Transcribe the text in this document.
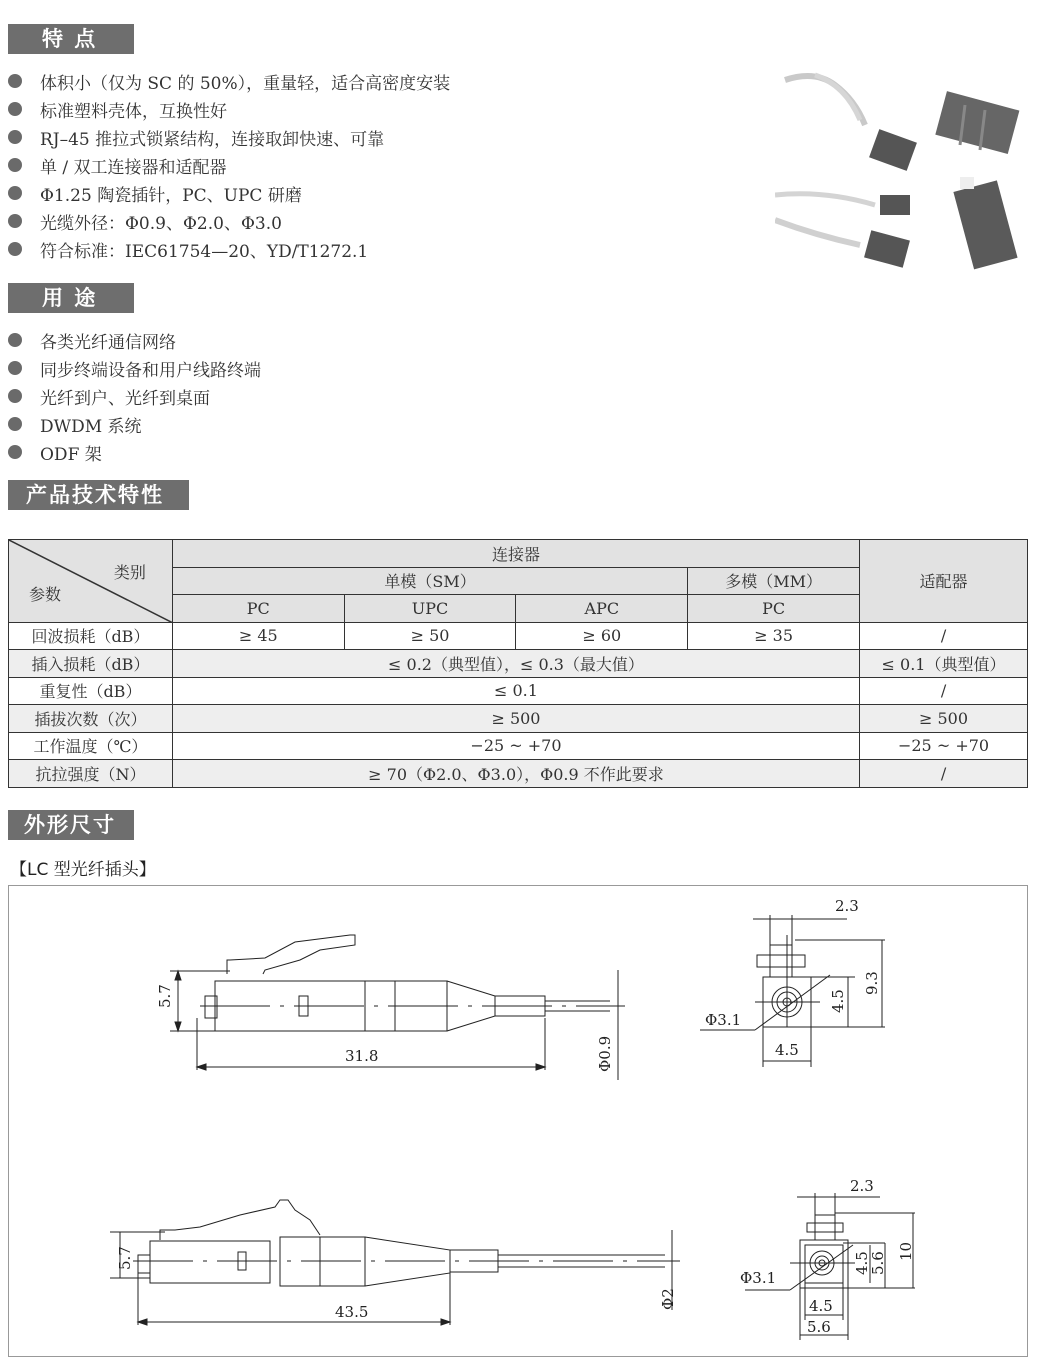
特 点
体积小（仅为 SC 的 50%），重量轻，适合高密度安装
标准塑料壳体，互换性好
RJ–45 推拉式锁紧结构，连接取卸快速、可靠
单 / 双工连接器和适配器
Φ1.25 陶瓷插针，PC、UPC 研磨
光缆外径：Φ0.9、Φ2.0、Φ3.0
符合标准：IEC61754—20、YD/T1272.1
用 途
各类光纤通信网络
同步终端设备和用户线路终端
光纤到户、光纤到桌面
DWDM 系统
ODF 架
产品技术特性
类别
参数	连接器				适配器
	单模（SM）			多模（MM）	
	PC	UPC	APC	PC	
回波损耗（dB）	≥ 45	≥ 50	≥ 60	≥ 35	/
插入损耗（dB）	≤ 0.2（典型值），≤ 0.3（最大值）				≤ 0.1（典型值）
重复性（dB）	≤ 0.1				/
插拔次数（次）	≥ 500				≥ 500
工作温度（℃）	−25 ~ +70				−25 ~ +70
抗拉强度（N）	≥ 70（Φ2.0、Φ3.0），Φ0.9 不作此要求				/
外形尺寸
【LC 型光纤插头】
31.8
5.7
Φ0.9
2.3
9.3
4.5
4.5
Φ3.1
43.5
5.7
Φ2
2.3
10
4.5
5.6
4.5
5.6
Φ3.1
